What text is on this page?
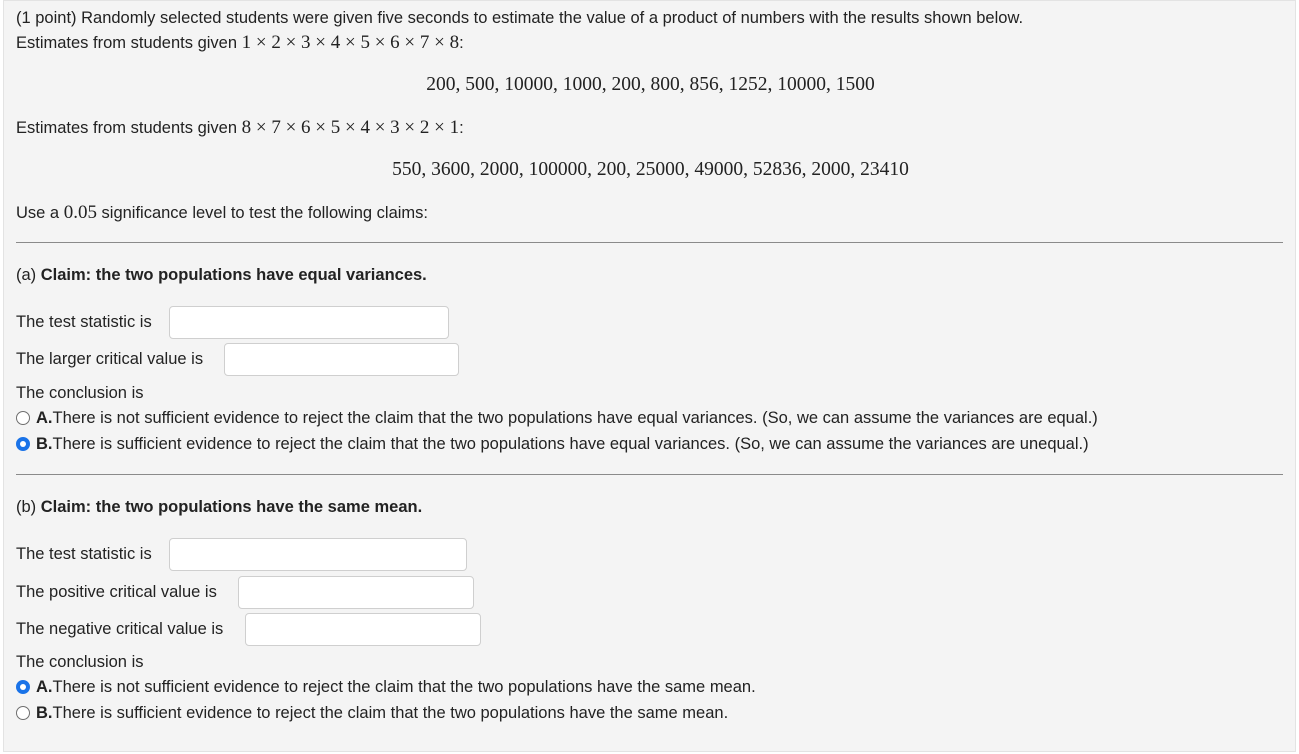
(1 point) Randomly selected students were given five seconds to estimate the value of a product of numbers with the results shown below.
Estimates from students given 1 × 2 × 3 × 4 × 5 × 6 × 7 × 8:
200, 500, 10000, 1000, 200, 800, 856, 1252, 10000, 1500
Estimates from students given 8 × 7 × 6 × 5 × 4 × 3 × 2 × 1:
550, 3600, 2000, 100000, 200, 25000, 49000, 52836, 2000, 23410
Use a 0.05 significance level to test the following claims:
(a) Claim: the two populations have equal variances.
The test statistic is
The larger critical value is
The conclusion is
A. There is not sufficient evidence to reject the claim that the two populations have equal variances. (So, we can assume the variances are equal.)
B. There is sufficient evidence to reject the claim that the two populations have equal variances. (So, we can assume the variances are unequal.)
(b) Claim: the two populations have the same mean.
The test statistic is
The positive critical value is
The negative critical value is
The conclusion is
A. There is not sufficient evidence to reject the claim that the two populations have the same mean.
B. There is sufficient evidence to reject the claim that the two populations have the same mean.
